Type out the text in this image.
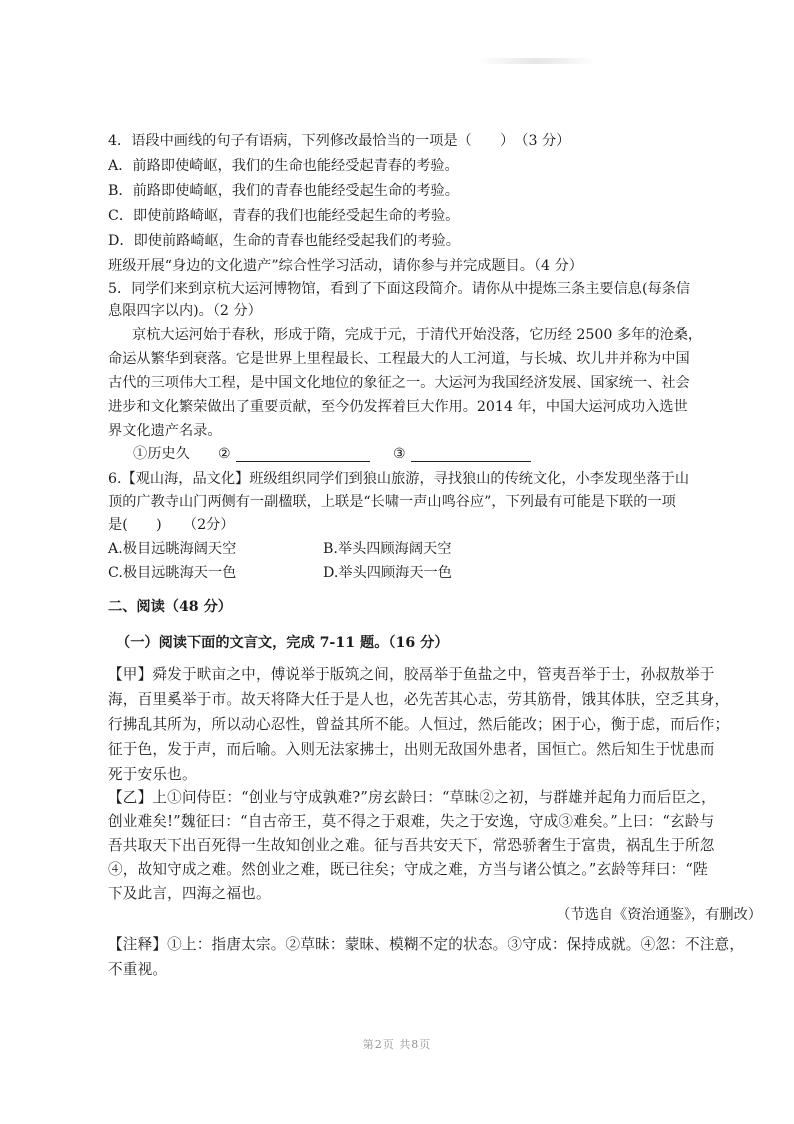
4．语段中画线的句子有语病，下列修改最恰当的一项是（　　）　（3 分）
A．前路即使崎岖，我们的生命也能经受起青春的考验。
B．前路即使崎岖，我们的青春也能经受起生命的考验。
C．即使前路崎岖，青春的我们也能经受起生命的考验。
D．即使前路崎岖，生命的青春也能经受起我们的考验。
班级开展“身边的文化遗产”综合性学习活动，请你参与并完成题目。（4 分）
5．同学们来到京杭大运河博物馆，看到了下面这段简介。请你从中提炼三条主要信息(每条信
息限四字以内)。（2 分）
京杭大运河始于春秋，形成于隋，完成于元，于清代开始没落，它历经 2500 多年的沧桑，
命运从繁华到衰落。它是世界上里程最长、工程最大的人工河道，与长城、坎儿井并称为中国
古代的三项伟大工程，是中国文化地位的象征之一。大运河为我国经济发展、国家统一、社会
进步和文化繁荣做出了重要贡献，至今仍发挥着巨大作用。2014 年，中国大运河成功入选世
界文化遗产名录。
①历史久 ②	③
6.【观山海，品文化】班级组织同学们到狼山旅游，寻找狼山的传统文化，小李发现坐落于山
顶的广教寺山门两侧有一副楹联，上联是“长啸一声山鸣谷应”，下列最有可能是下联的一项
是(　　)　　（2分）
A.极目远眺海阔天空	B.举头四顾海阔天空
C.极目远眺海天一色	D.举头四顾海天一色
二、阅读（48 分）
（一）阅读下面的文言文，完成 7-11 题。（16 分）
【甲】舜发于畎亩之中，傅说举于版筑之间，胶鬲举于鱼盐之中，管夷吾举于士，孙叔敖举于
海，百里奚举于市。故天将降大任于是人也，必先苦其心志，劳其筋骨，饿其体肤，空乏其身，
行拂乱其所为，所以动心忍性，曾益其所不能。人恒过，然后能改；困于心，衡于虑，而后作；
征于色，发于声，而后喻。入则无法家拂士，出则无敌国外患者，国恒亡。然后知生于忧患而
死于安乐也。
【乙】上①问侍臣：“创业与守成孰难?”房玄龄曰：“草昧②之初，与群雄并起角力而后臣之，
创业难矣!”魏征曰：“自古帝王，莫不得之于艰难，失之于安逸，守成③难矣。”上曰：“玄龄与
吾共取天下出百死得一生故知创业之难。征与吾共安天下，常恐骄奢生于富贵，祸乱生于所忽
④，故知守成之难。然创业之难，既已往矣；守成之难，方当与诸公慎之。”玄龄等拜曰：“陛
下及此言，四海之福也。
（节选自《资治通鉴》，有删改）
【注释】①上：指唐太宗。②草昧：蒙昧、模糊不定的状态。③守成：保持成就。④忽：不注意，
不重视。
第2页 共8页
